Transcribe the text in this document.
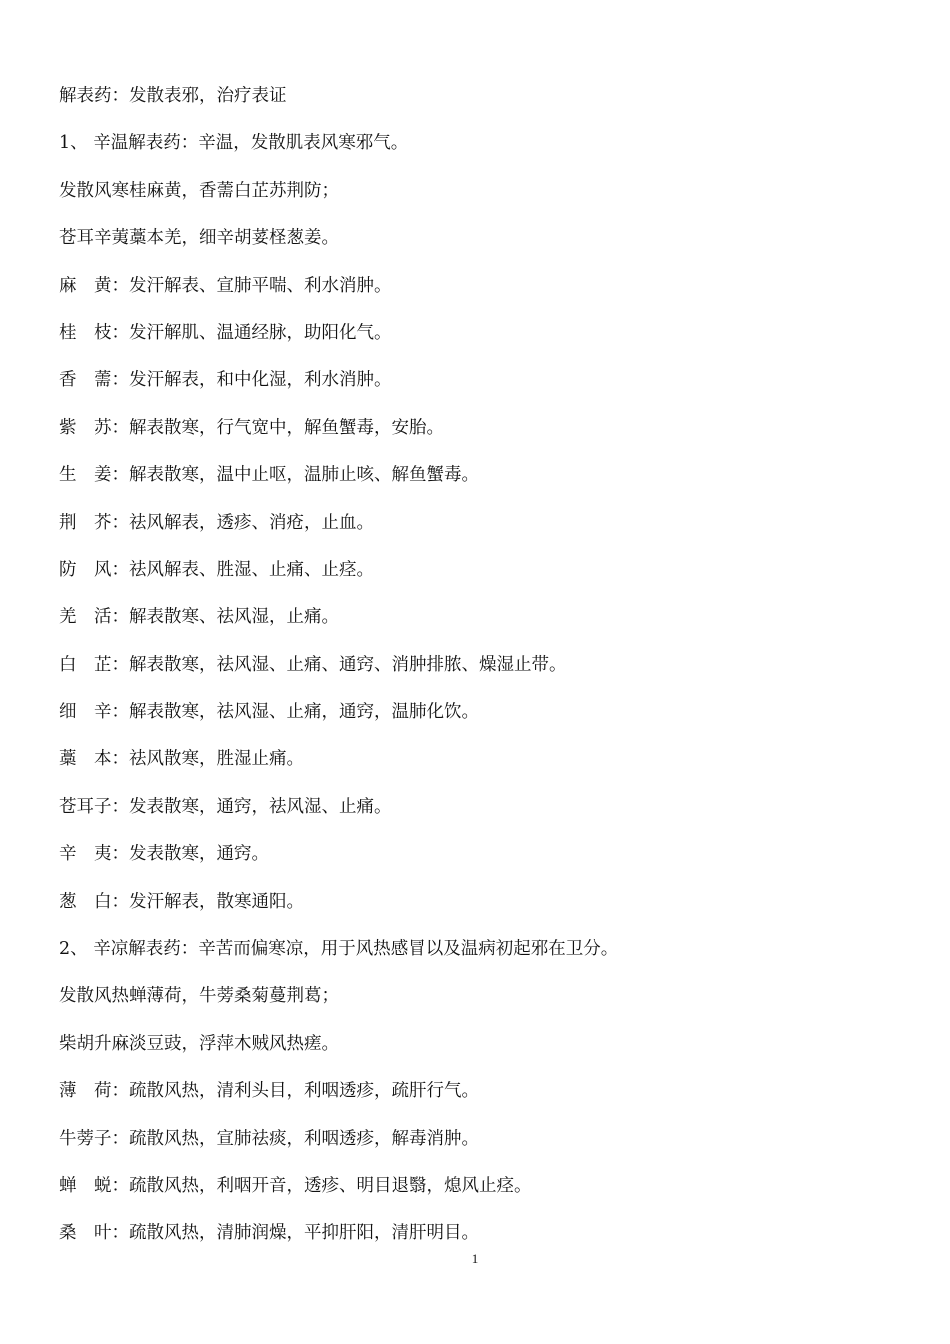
解表药：发散表邪，治疗表证
1、 辛温解表药：辛温，发散肌表风寒邪气。
发散风寒桂麻黄，香薷白芷苏荆防；
苍耳辛荑藁本羌，细辛胡荽柽葱姜。
麻　黄：发汗解表、宣肺平喘、利水消肿。
桂　枝：发汗解肌、温通经脉，助阳化气。
香　薷：发汗解表，和中化湿，利水消肿。
紫　苏：解表散寒，行气宽中，解鱼蟹毒，安胎。
生　姜：解表散寒，温中止呕，温肺止咳、解鱼蟹毒。
荆　芥：祛风解表，透疹、消疮，止血。
防　风：祛风解表、胜湿、止痛、止痉。
羌　活：解表散寒、祛风湿，止痛。
白　芷：解表散寒，祛风湿、止痛、通窍、消肿排脓、燥湿止带。
细　辛：解表散寒，祛风湿、止痛，通窍，温肺化饮。
藁　本：祛风散寒，胜湿止痛。
苍耳子：发表散寒，通窍，祛风湿、止痛。
辛　夷：发表散寒，通窍。
葱　白：发汗解表，散寒通阳。
2、 辛凉解表药：辛苦而偏寒凉，用于风热感冒以及温病初起邪在卫分。
发散风热蝉薄荷，牛蒡桑菊蔓荆葛；
柴胡升麻淡豆豉，浮萍木贼风热瘥。
薄　荷：疏散风热，清利头目，利咽透疹，疏肝行气。
牛蒡子：疏散风热，宣肺祛痰，利咽透疹，解毒消肿。
蝉　蜕：疏散风热，利咽开音，透疹、明目退翳，熄风止痉。
桑　叶：疏散风热，清肺润燥，平抑肝阳，清肝明目。
1
